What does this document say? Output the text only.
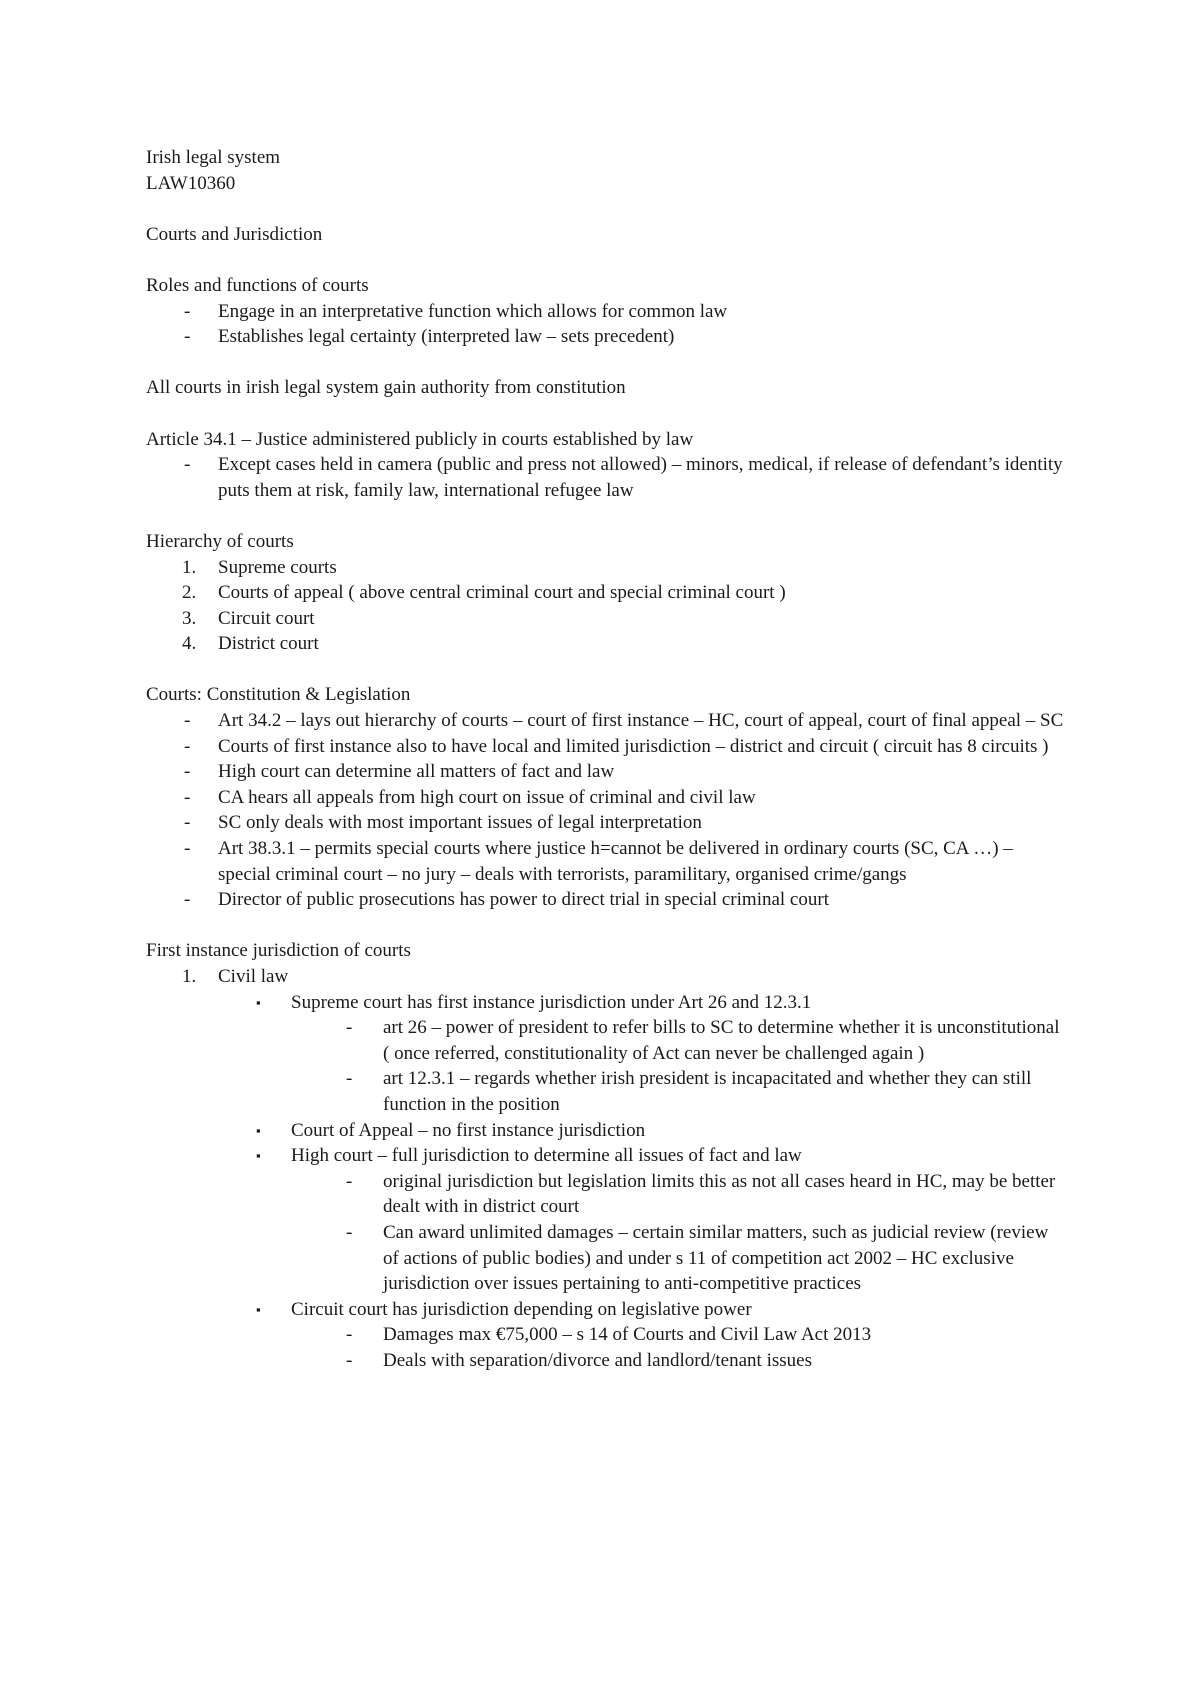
Irish legal system
LAW10360
Courts and Jurisdiction
Roles and functions of courts
-	Engage in an interpretative function which allows for common law
-	Establishes legal certainty (interpreted law – sets precedent)
All courts in irish legal system gain authority from constitution
Article 34.1 – Justice administered publicly in courts established by law
-	Except cases held in camera (public and press not allowed) – minors, medical, if release of defendant’s identity puts them at risk, family law, international refugee law
Hierarchy of courts
1.	Supreme courts
2.	Courts of appeal ( above central criminal court and special criminal court )
3.	Circuit court
4.	District court
Courts: Constitution & Legislation
-	Art 34.2 – lays out hierarchy of courts – court of first instance – HC, court of appeal, court of final appeal – SC
-	Courts of first instance also to have local and limited jurisdiction – district and circuit ( circuit has 8 circuits )
-	High court can determine all matters of fact and law
-	CA hears all appeals from high court on issue of criminal and civil law
-	SC only deals with most important issues of legal interpretation
-	Art 38.3.1 – permits special courts where justice h=cannot be delivered in ordinary courts (SC, CA …) – special criminal court – no jury – deals with terrorists, paramilitary, organised crime/gangs
-	Director of public prosecutions has power to direct trial in special criminal court
First instance jurisdiction of courts
1.	Civil law
▪	Supreme court has first instance jurisdiction under Art 26 and 12.3.1
-	art 26 – power of president to refer bills to SC to determine whether it is unconstitutional ( once referred, constitutionality of Act can never be challenged again )
-	art 12.3.1 – regards whether irish president is incapacitated and whether they can still function in the position
▪	Court of Appeal – no first instance jurisdiction
▪	High court – full jurisdiction to determine all issues of fact and law
-	original jurisdiction but legislation limits this as not all cases heard in HC, may be better dealt with in district court
-	Can award unlimited damages – certain similar matters, such as judicial review (review of actions of public bodies) and under s 11 of competition act 2002 – HC exclusive jurisdiction over issues pertaining to anti-competitive practices
▪	Circuit court has jurisdiction depending on legislative power
-	Damages max €75,000 – s 14 of Courts and Civil Law Act 2013
-	Deals with separation/divorce and landlord/tenant issues
